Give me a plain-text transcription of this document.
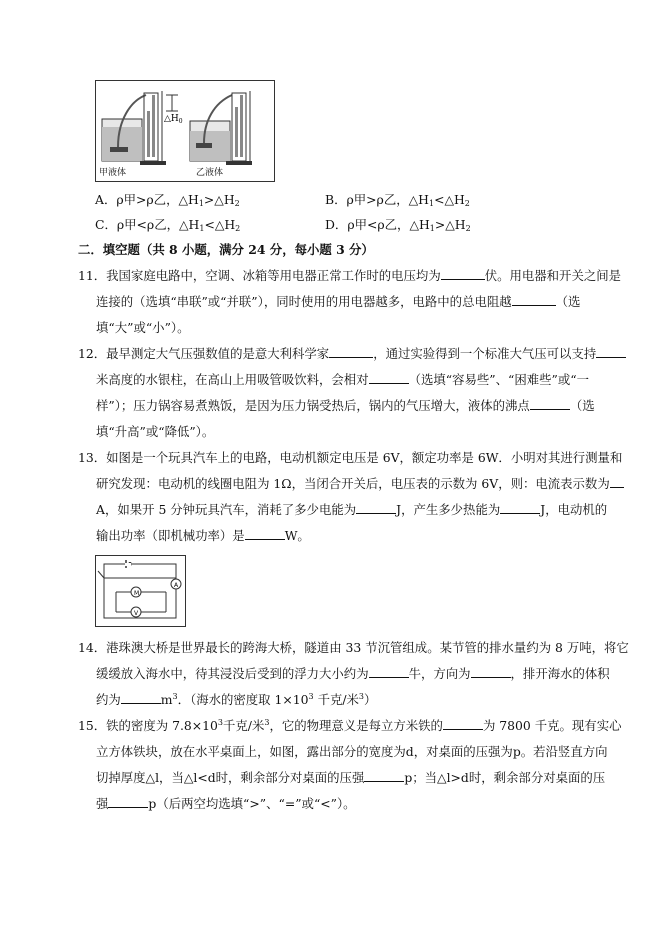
$\triangle H_0$
甲液体	乙液体
A．ρ甲>ρ乙，$\triangle H_1>\triangle H_2$	B．ρ甲>ρ乙，$\triangle H_1<\triangle H_2$
C．ρ甲<ρ乙，$\triangle H_1<\triangle H_2$	D．ρ甲<ρ乙，$\triangle H_1>\triangle H_2$
二．填空题（共 8 小题，满分 24 分，每小题 3 分）
11．我国家庭电路中，空调、冰箱等用电器正常工作时的电压均为	伏。用电器和开关之间是
连接的（选填“串联”或“并联”），同时使用的用电器越多，电路中的总电阻越	（选
填“大”或“小”）。
12．最早测定大气压强数值的是意大利科学家	，通过实验得到一个标准大气压可以支持
米高度的水银柱，在高山上用吸管吸饮料，会相对	（选填“容易些”、“困难些”或“一
样”）；压力锅容易煮熟饭，是因为压力锅受热后，锅内的气压增大，液体的沸点	（选
填“升高”或“降低”）。
13．如图是一个玩具汽车上的电路，电动机额定电压是 6V，额定功率是 6W．小明对其进行测量和
研究发现：电动机的线圈电阻为 1Ω，当闭合开关后，电压表的示数为 6V，则：电流表示数为
A，如果开 5 分钟玩具汽车，消耗了多少电能为	J，产生多少热能为	J，电动机的
输出功率（即机械功率）是	W。
M
A
V
14．港珠澳大桥是世界最长的跨海大桥，隧道由 33 节沉管组成。某节管的排水量约为 8 万吨，将它
缓缓放入海水中，待其浸没后受到的浮力大小约为	牛，方向为	，排开海水的体积
约为	$m^3$．（海水的密度取 $1\times 10^3$ 千克/米$^3$）
15．铁的密度为 $7.8\times 10^3$千克/米$^3$，它的物理意义是每立方米铁的	为 7800 千克。现有实心
立方体铁块，放在水平桌面上，如图，露出部分的宽度为d，对桌面的压强为p。若沿竖直方向
切掉厚度△l，当△l<d时，剩余部分对桌面的压强	p；当△l>d时，剩余部分对桌面的压
强	p（后两空均选填“>”、“=”或“<”）。
